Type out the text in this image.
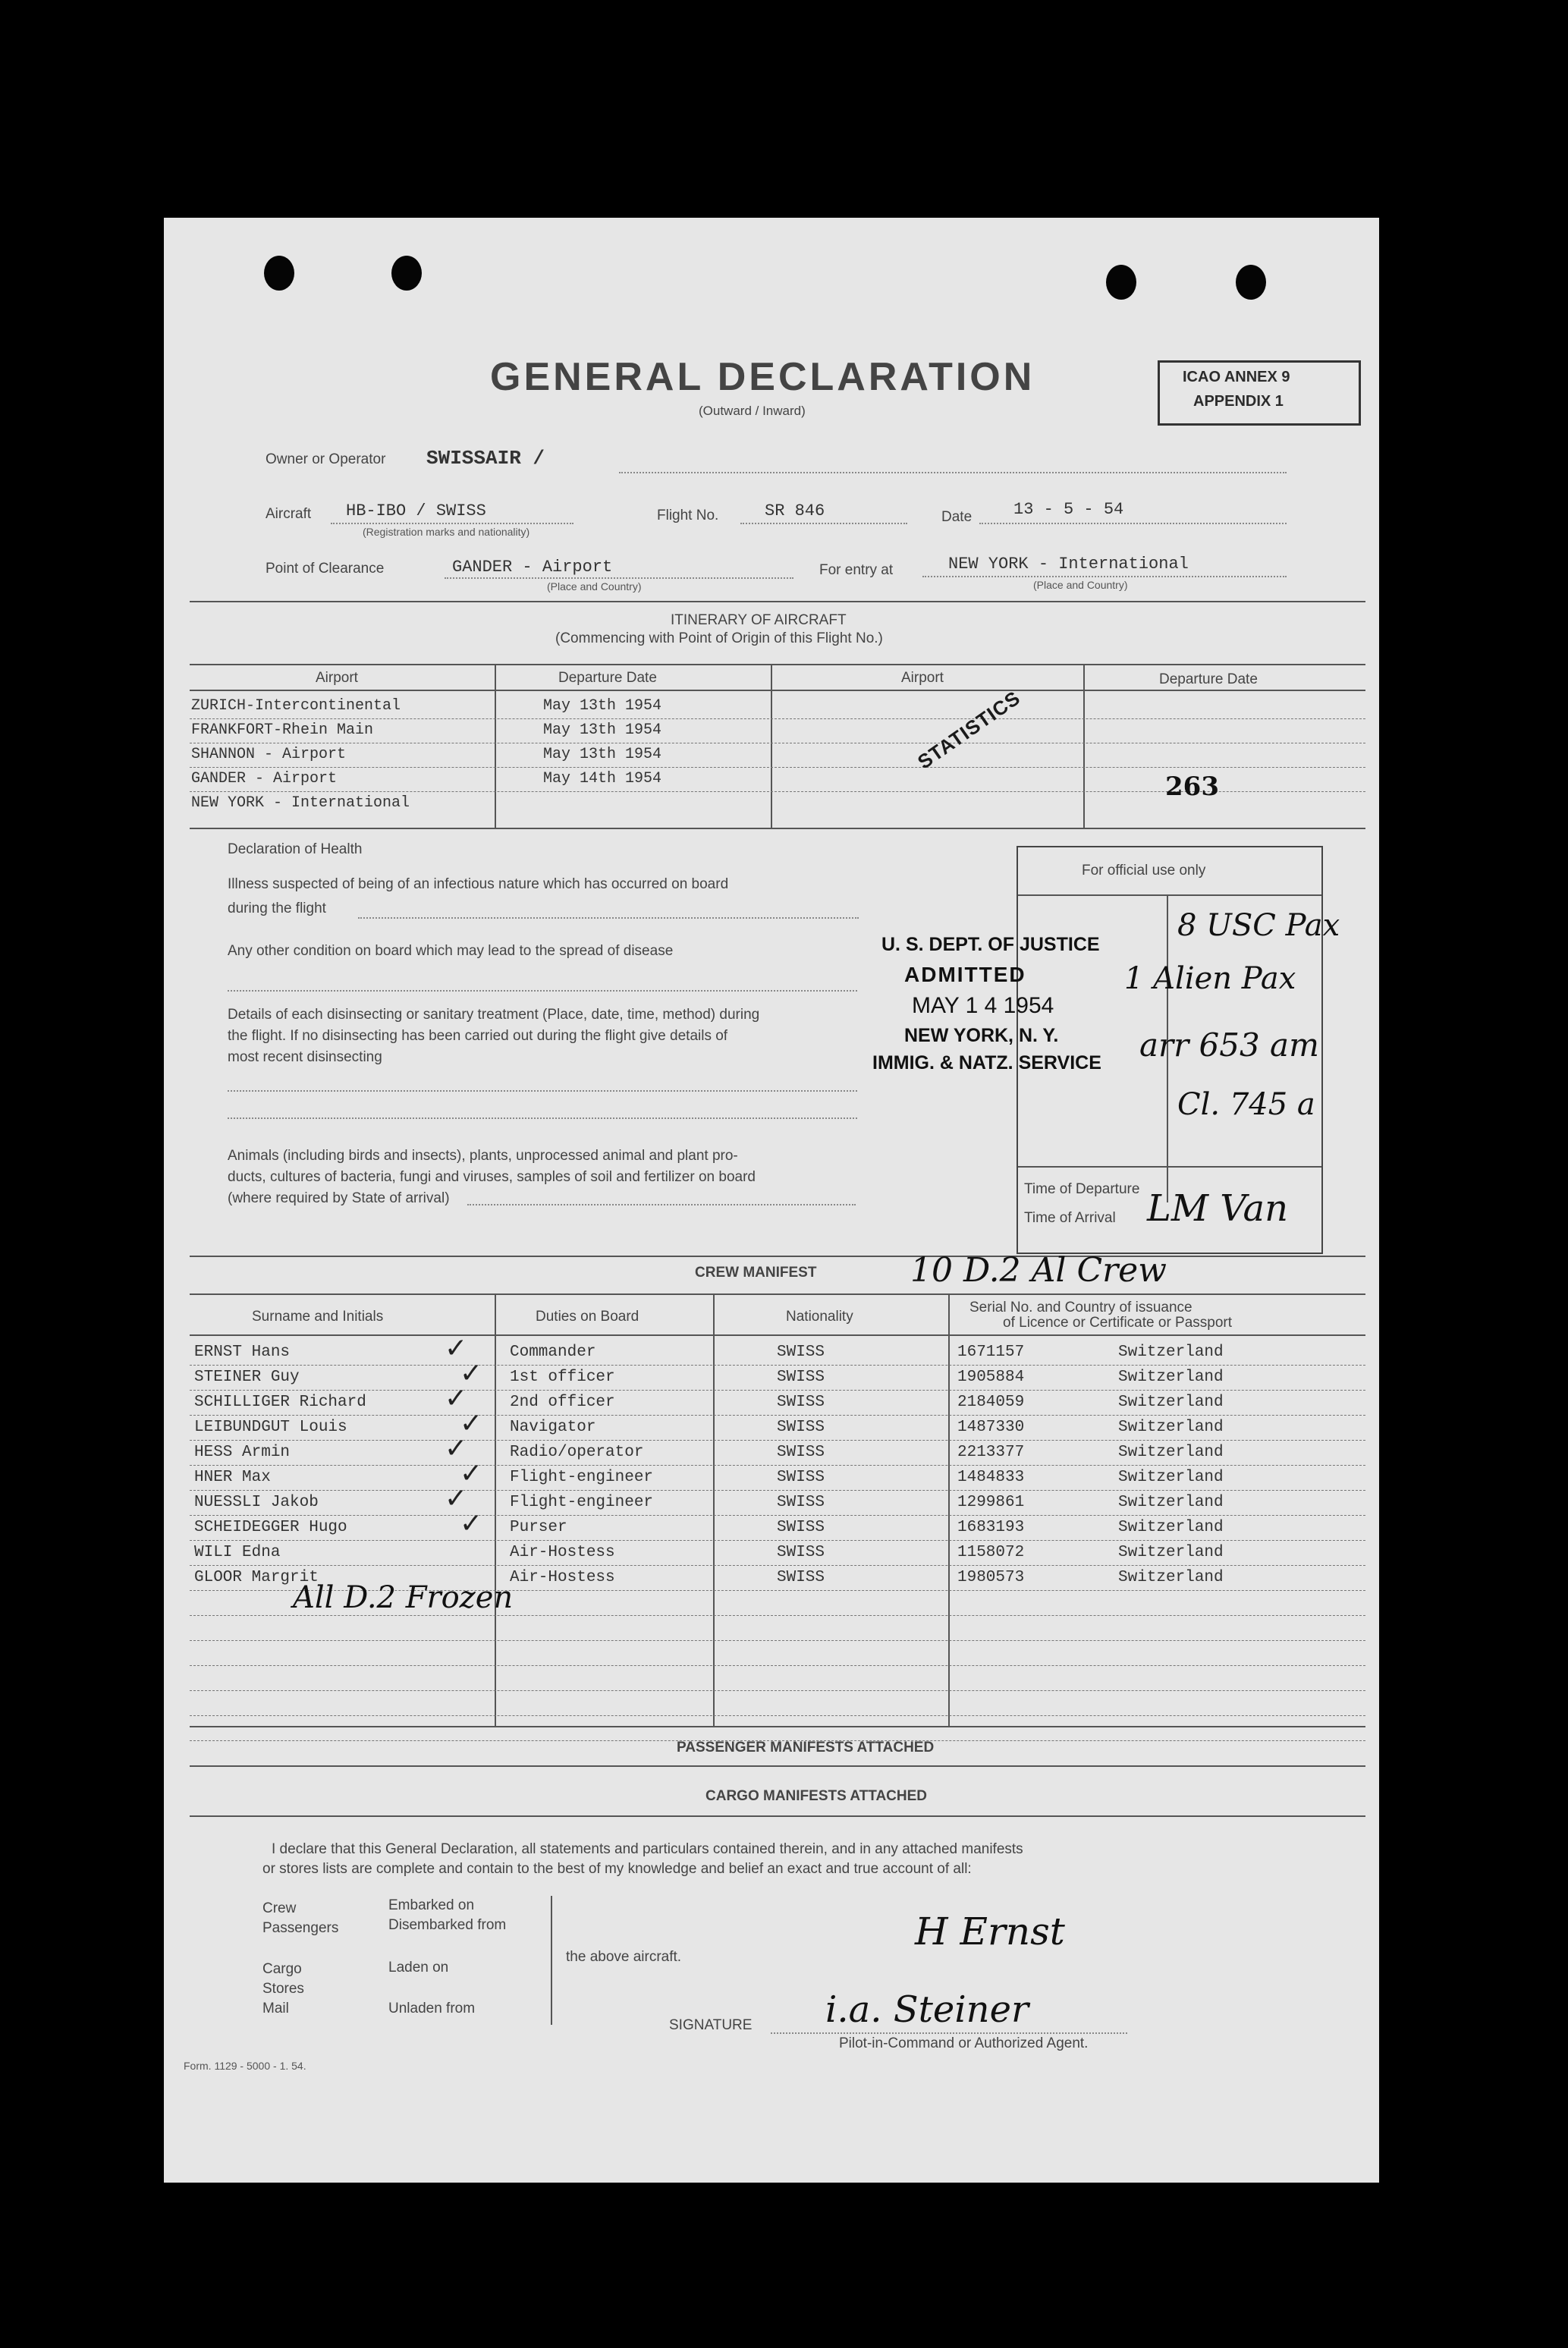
GENERAL DECLARATION
(Outward / Inward)
ICAO ANNEX 9
APPENDIX 1
Owner or Operator SWISSAIR /
Aircraft HB-IBO / SWISS
(Registration marks and nationality)
Flight No.	SR 846	Date 13 - 5 - 54
Point of Clearance	GANDER - Airport
(Place and Country)
For entry at	NEW YORK - International
(Place and Country)
ITINERARY OF AIRCRAFT
(Commencing with Point of Origin of this Flight No.)
Airport	Departure Date	Airport	Departure Date
ZURICH-Intercontinental	May 13th 1954
FRANKFORT-Rhein Main	May 13th 1954
SHANNON - Airport	May 13th 1954
GANDER - Airport	May 14th 1954
NEW YORK - International
STATISTICS
263
Declaration of Health
Illness suspected of being of an infectious nature which has occurred on board
during the flight
Any other condition on board which may lead to the spread of disease
Details of each disinsecting or sanitary treatment (Place, date, time, method) during
the flight. If no disinsecting has been carried out during the flight give details of
most recent disinsecting
Animals (including birds and insects), plants, unprocessed animal and plant pro-
ducts, cultures of bacteria, fungi and viruses, samples of soil and fertilizer on board
(where required by State of arrival)
For official use only
8 USC Pax
1 Alien Pax
arr 653 am
Cl. 745 a
Time of Departure
Time of Arrival LM Van
U. S. DEPT. OF JUSTICE
ADMITTED
MAY 1 4 1954
NEW YORK, N. Y.
IMMIG. & NATZ. SERVICE
CREW MANIFEST	10 D.2 Al Crew
Surname and Initials	Duties on Board	Nationality
Serial No. and Country of issuance
of Licence or Certificate or Passport
ERNST Hans	Commander	SWISS	1671157	Switzerland
✓
STEINER Guy	1st officer	SWISS	1905884	Switzerland
✓
SCHILLIGER Richard	2nd officer	SWISS	2184059	Switzerland
✓
LEIBUNDGUT Louis	Navigator	SWISS	1487330	Switzerland
✓
HESS Armin	Radio/operator	SWISS	2213377	Switzerland
✓
HNER Max	Flight-engineer	SWISS	1484833	Switzerland
✓
NUESSLI Jakob	Flight-engineer	SWISS	1299861	Switzerland
✓
SCHEIDEGGER Hugo	Purser	SWISS	1683193	Switzerland
✓
WILI Edna	Air-Hostess	SWISS	1158072	Switzerland
GLOOR Margrit	Air-Hostess	SWISS	1980573	Switzerland
All D.2 Frozen
PASSENGER MANIFESTS ATTACHED
CARGO MANIFESTS ATTACHED
I declare that this General Declaration, all statements and particulars contained therein, and in any attached manifests
or stores lists are complete and contain to the best of my knowledge and belief an exact and true account of all:
Crew
Passengers
Embarked on
Disembarked from
Cargo
Stores
Mail
Laden on
Unladen from
the above aircraft.
H Ernst
SIGNATURE i.a. Steiner
Pilot-in-Command or Authorized Agent.
Form. 1129 - 5000 - 1. 54.
